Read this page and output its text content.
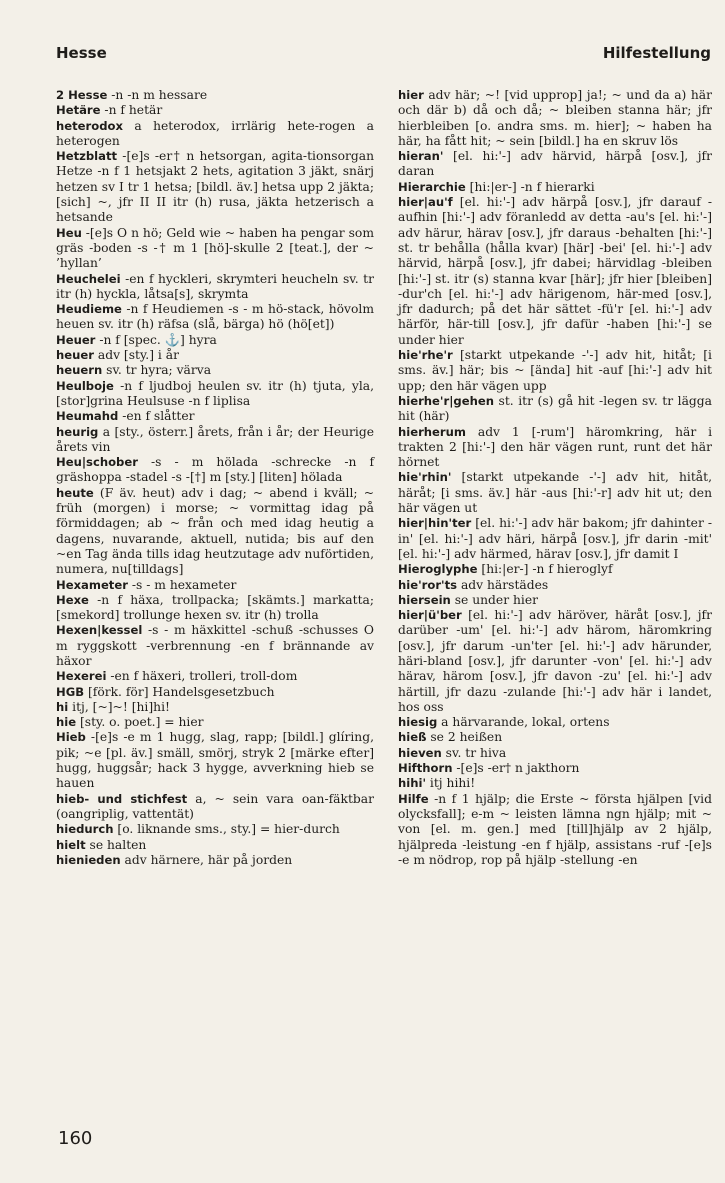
Hesse	Hilfestellung

2 Hesse -n -n m hessare

Hetäre -n f hetär

heterodox a heterodox, irrlärig hete-rogen a heterogen

Hetzblatt -[e]s -er† n hetsorgan, agita-tionsorgan Hetze -n f 1 hetsjakt 2 hets, agitation 3 jäkt, snärj hetzen sv I tr 1 hetsa; [bildl. äv.] hetsa upp 2 jäkta; [sich] ~, jfr II II itr (h) rusa, jäkta hetzerisch a hetsande

Heu -[e]s O n hö; Geld wie ~ haben ha pengar som gräs -boden -s -† m 1 [hö]-skulle 2 [teat.], der ~ ’hyllan’

Heuchelei -en f hyckleri, skrymteri heucheln sv. tr itr (h) hyckla, låtsa[s], skrymta

Heudieme -n f Heudiemen -s - m hö-stack, hövolm heuen sv. itr (h) räfsa (slå, bärga) hö (hö[et])

Heuer -n f [spec. ⚓] hyra

heuer adv [sty.] i år

heuern sv. tr hyra; värva

Heulboje -n f ljudboj heulen sv. itr (h) tjuta, yla, [stor]grina Heulsuse -n f liplisa

Heumahd -en f slåtter

heurig a [sty., österr.] årets, från i år; der Heurige årets vin

Heu|schober -s - m hölada -schrecke -n f gräshoppa -stadel -s -[†] m [sty.] [liten] hölada

heute (F äv. heut) adv i dag; ~ abend i kväll; ~ früh (morgen) i morse; ~ vormittag idag på förmiddagen; ab ~ från och med idag heutig a dagens, nuvarande, aktuell, nutida; bis auf den ~en Tag ända tills idag heutzutage adv nuförtiden, numera, nu[tilldags]

Hexameter -s - m hexameter

Hexe -n f häxa, trollpacka; [skämts.] markatta; [smekord] trollunge hexen sv. itr (h) trolla

Hexen|kessel -s - m häxkittel -schuß -schusses O m ryggskott -verbrennung -en f brännande av häxor

Hexerei -en f häxeri, trolleri, troll-dom

HGB [förk. för] Handelsgesetzbuch

hi itj, [~]~! [hi]hi!

hie [sty. o. poet.] = hier

Hieb -[e]s -e m 1 hugg, slag, rapp; [bildl.] glíring, pik; ~e [pl. äv.] smäll, smörj, stryk 2 [märke efter] hugg, huggsår; hack 3 hygge, avverkning hieb se hauen

hieb- und stichfest a, ~ sein vara oan-fäktbar (oangriplig, vattentät)

hiedurch [o. liknande sms., sty.] = hier-durch

hielt se halten

hienieden adv härnere, här på jorden

hier adv här; ~! [vid upprop] ja!; ~ und da a) här och där b) då och då; ~ bleiben stanna här; jfr hierbleiben [o. andra sms. m. hier]; ~ haben ha här, ha fått hit; ~ sein [bildl.] ha en skruv lös

hieran' [el. hi:'-] adv härvid, härpå [osv.], jfr daran

Hierarchie [hi:|er-] -n f hierarki

hier|au'f [el. hi:'-] adv härpå [osv.], jfr darauf -aufhin [hi:'-] adv föranledd av detta -au's [el. hi:'-] adv härur, härav [osv.], jfr daraus -behalten [hi:'-] st. tr behålla (hålla kvar) [här] -bei' [el. hi:'-] adv härvid, härpå [osv.], jfr dabei; härvidlag -bleiben [hi:'-] st. itr (s) stanna kvar [här]; jfr hier [bleiben] -dur'ch [el. hi:'-] adv härigenom, här-med [osv.], jfr dadurch; på det här sättet -fü'r [el. hi:'-] adv härför, här-till [osv.], jfr dafür -haben [hi:'-] se under hier

hie'rhe'r [starkt utpekande -'-] adv hit, hitåt; [i sms. äv.] här; bis ~ [ända] hit -auf [hi:'-] adv hit upp; den här vägen upp

hierhe'r|gehen st. itr (s) gå hit -legen sv. tr lägga hit (här)

hierherum adv 1 [-rum'] häromkring, här i trakten 2 [hi:'-] den här vägen runt, runt det här hörnet

hie'rhin' [starkt utpekande -'-] adv hit, hitåt, häråt; [i sms. äv.] här -aus [hi:'-r] adv hit ut; den här vägen ut

hier|hin'ter [el. hi:'-] adv här bakom; jfr dahinter -in' [el. hi:'-] adv häri, härpå [osv.], jfr darin -mit' [el. hi:'-] adv härmed, härav [osv.], jfr damit I

Hieroglyphe [hi:|er-] -n f hieroglyf

hie'ror'ts adv härstädes

hiersein se under hier

hier|ü'ber [el. hi:'-] adv häröver, häråt [osv.], jfr darüber -um' [el. hi:'-] adv härom, häromkring [osv.], jfr darum -un'ter [el. hi:'-] adv härunder, häri-bland [osv.], jfr darunter -von' [el. hi:'-] adv härav, härom [osv.], jfr davon -zu' [el. hi:'-] adv härtill, jfr dazu -zulande [hi:'-] adv här i landet, hos oss

hiesig a härvarande, lokal, ortens

hieß se 2 heißen

hieven sv. tr hiva

Hifthorn -[e]s -er† n jakthorn

hihi' itj hihi!

Hilfe -n f 1 hjälp; die Erste ~ första hjälpen [vid olycksfall]; e-m ~ leisten lämna ngn hjälp; mit ~ von [el. m. gen.] med [till]hjälp av 2 hjälp, hjälpreda -leistung -en f hjälp, assistans -ruf -[e]s -e m nödrop, rop på hjälp -stellung -en

160
